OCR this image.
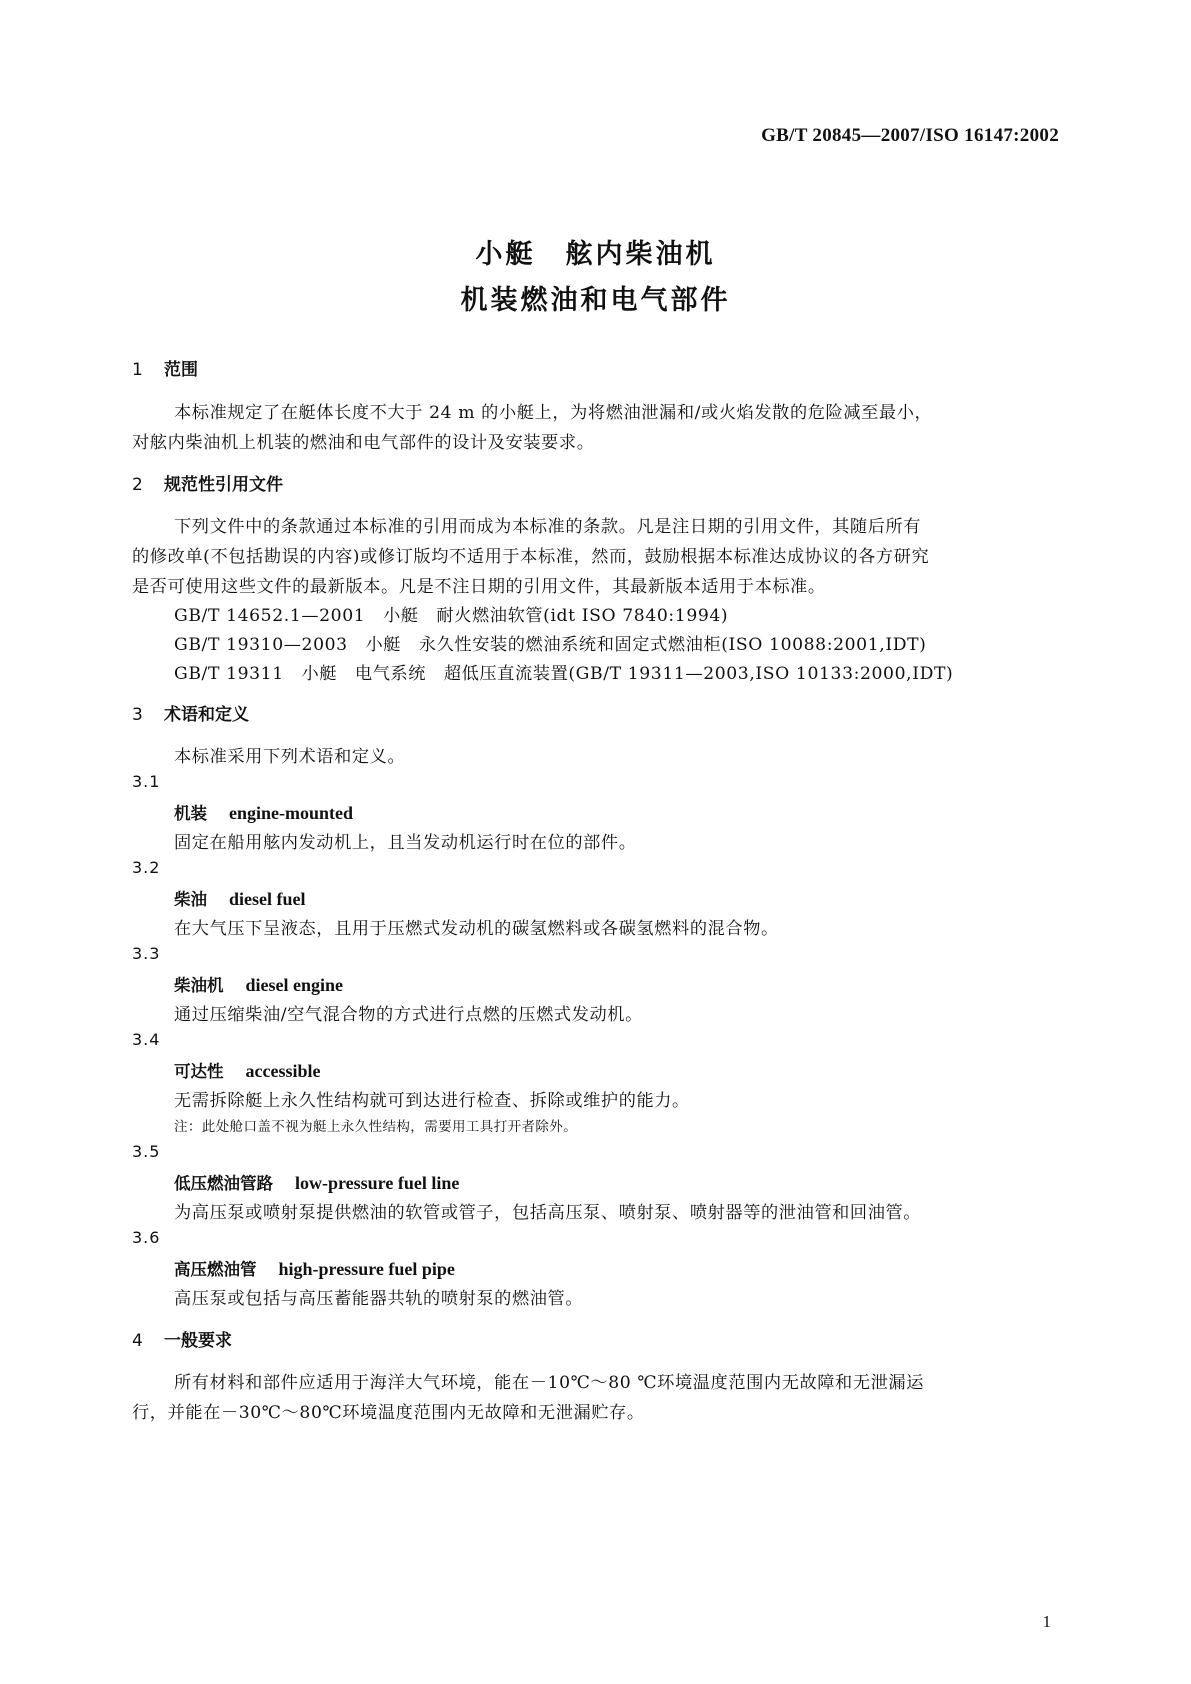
GB/T 20845—2007/ISO 16147:2002
小艇　舷内柴油机
机装燃油和电气部件
1 范围
本标准规定了在艇体长度不大于 24 m 的小艇上，为将燃油泄漏和/或火焰发散的危险减至最小，
对舷内柴油机上机装的燃油和电气部件的设计及安装要求。
2 规范性引用文件
下列文件中的条款通过本标准的引用而成为本标准的条款。凡是注日期的引用文件，其随后所有
的修改单(不包括勘误的内容)或修订版均不适用于本标准，然而，鼓励根据本标准达成协议的各方研究
是否可使用这些文件的最新版本。凡是不注日期的引用文件，其最新版本适用于本标准。
GB/T 14652.1—2001　小艇　耐火燃油软管(idt ISO 7840:1994)
GB/T 19310—2003　小艇　永久性安装的燃油系统和固定式燃油柜(ISO 10088:2001,IDT)
GB/T 19311　小艇　电气系统　超低压直流装置(GB/T 19311—2003,ISO 10133:2000,IDT)
3 术语和定义
本标准采用下列术语和定义。
3.1
机装 engine-mounted
固定在船用舷内发动机上，且当发动机运行时在位的部件。
3.2
柴油 diesel fuel
在大气压下呈液态，且用于压燃式发动机的碳氢燃料或各碳氢燃料的混合物。
3.3
柴油机 diesel engine
通过压缩柴油/空气混合物的方式进行点燃的压燃式发动机。
3.4
可达性 accessible
无需拆除艇上永久性结构就可到达进行检查、拆除或维护的能力。
注：此处舱口盖不视为艇上永久性结构，需要用工具打开者除外。
3.5
低压燃油管路 low-pressure fuel line
为高压泵或喷射泵提供燃油的软管或管子，包括高压泵、喷射泵、喷射器等的泄油管和回油管。
3.6
高压燃油管 high-pressure fuel pipe
高压泵或包括与高压蓄能器共轨的喷射泵的燃油管。
4 一般要求
所有材料和部件应适用于海洋大气环境，能在－10℃～80 ℃环境温度范围内无故障和无泄漏运
行，并能在－30℃～80℃环境温度范围内无故障和无泄漏贮存。
1
